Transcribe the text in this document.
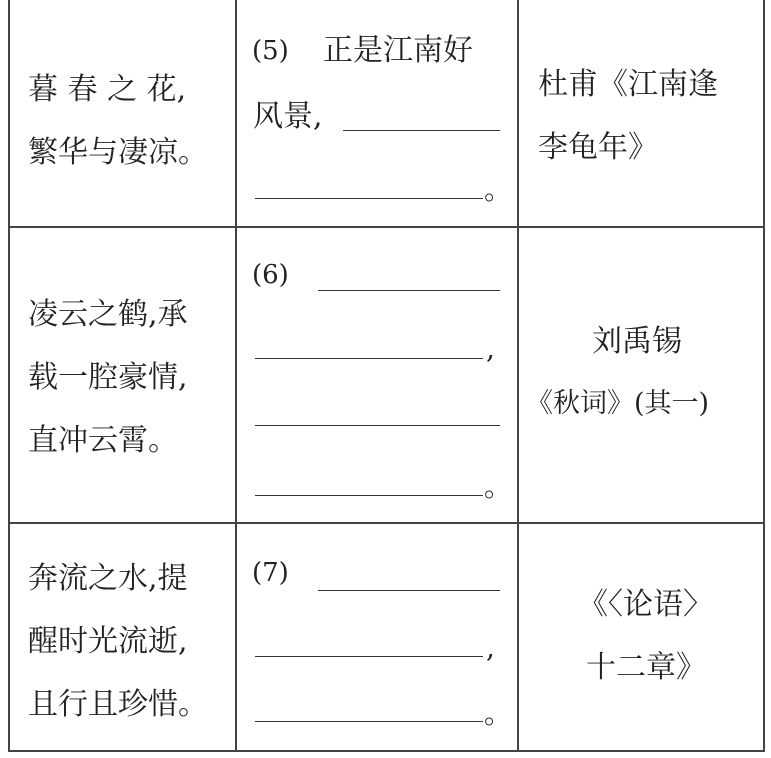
暮 春 之 花,
繁华与凄凉。
(5) 正是江南好
风景,
。
杜甫《江南逢
李龟年》
凌云之鹤,承
载一腔豪情,
直冲云霄。
(6)
,
。
刘禹锡
《秋词》(其一)
奔流之水,提
醒时光流逝,
且行且珍惜。
(7)
,
。
《〈论语〉
十二章》
